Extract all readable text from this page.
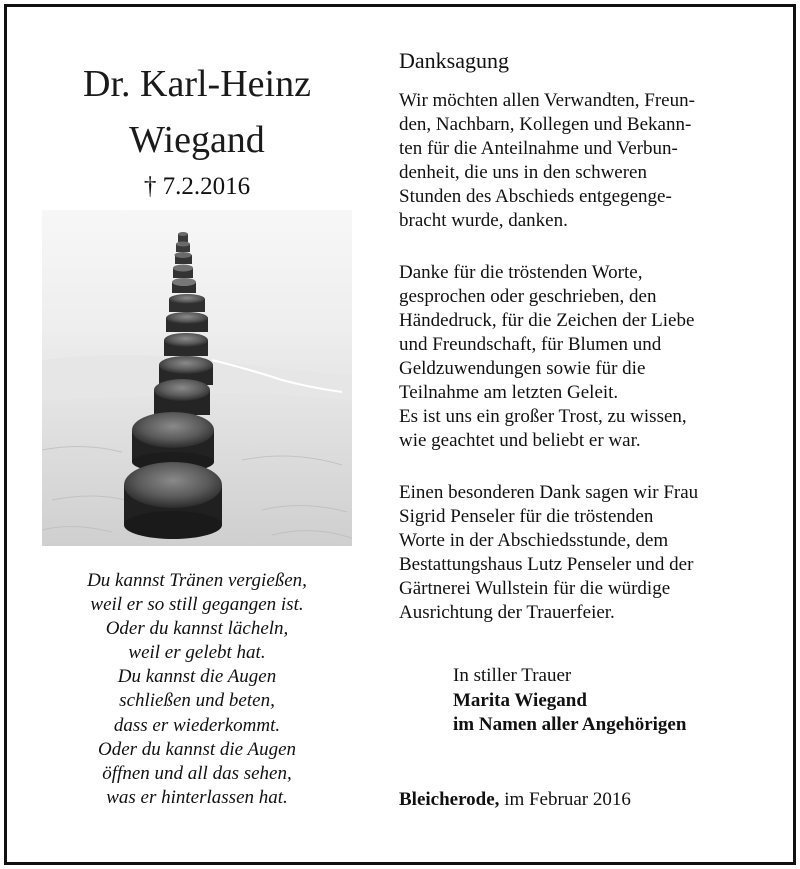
Dr. Karl-Heinz
Wiegand
† 7.2.2016
Du kannst Tränen vergießen,
weil er so still gegangen ist.
Oder du kannst lächeln,
weil er gelebt hat.
Du kannst die Augen
schließen und beten,
dass er wiederkommt.
Oder du kannst die Augen
öffnen und all das sehen,
was er hinterlassen hat.
Danksagung
Wir möchten allen Verwandten, Freun-
den, Nachbarn, Kollegen und Bekann-
ten für die Anteilnahme und Verbun-
denheit, die uns in den schweren
Stunden des Abschieds entgegenge-
bracht wurde, danken.
Danke für die tröstenden Worte,
gesprochen oder geschrieben, den
Händedruck, für die Zeichen der Liebe
und Freundschaft, für Blumen und
Geldzuwendungen sowie für die
Teilnahme am letzten Geleit.
Es ist uns ein großer Trost, zu wissen,
wie geachtet und beliebt er war.
Einen besonderen Dank sagen wir Frau
Sigrid Penseler für die tröstenden
Worte in der Abschiedsstunde, dem
Bestattungshaus Lutz Penseler und der
Gärtnerei Wullstein für die würdige
Ausrichtung der Trauerfeier.
In stiller Trauer
Marita Wiegand
im Namen aller Angehörigen
Bleicherode, im Februar 2016
